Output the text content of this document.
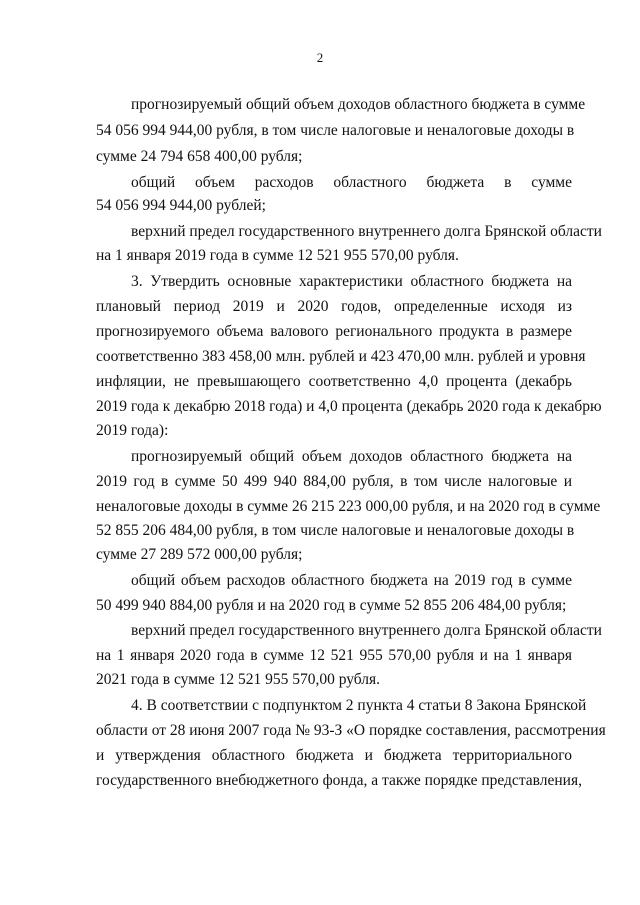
2
прогнозируемый общий объем доходов областного бюджета в сумме
54 056 994 944,00 рубля, в том числе налоговые и неналоговые доходы в
сумме 24 794 658 400,00 рубля;
общий объем расходов областного бюджета в сумме
54 056 994 944,00 рублей;
верхний предел государственного внутреннего долга Брянской области
на 1 января 2019 года в сумме 12 521 955 570,00 рубля.
3. Утвердить основные характеристики областного бюджета на
плановый период 2019 и 2020 годов, определенные исходя из
прогнозируемого объема валового регионального продукта в размере
соответственно 383 458,00 млн. рублей и 423 470,00 млн. рублей и уровня
инфляции, не превышающего соответственно 4,0 процента (декабрь
2019 года к декабрю 2018 года) и 4,0 процента (декабрь 2020 года к декабрю
2019 года):
прогнозируемый общий объем доходов областного бюджета на
2019 год в сумме 50 499 940 884,00 рубля, в том числе налоговые и
неналоговые доходы в сумме 26 215 223 000,00 рубля, и на 2020 год в сумме
52 855 206 484,00 рубля, в том числе налоговые и неналоговые доходы в
сумме 27 289 572 000,00 рубля;
общий объем расходов областного бюджета на 2019 год в сумме
50 499 940 884,00 рубля и на 2020 год в сумме 52 855 206 484,00 рубля;
верхний предел государственного внутреннего долга Брянской области
на 1 января 2020 года в сумме 12 521 955 570,00 рубля и на 1 января
2021 года в сумме 12 521 955 570,00 рубля.
4. В соответствии с подпунктом 2 пункта 4 статьи 8 Закона Брянской
области от 28 июня 2007 года № 93-З «О порядке составления, рассмотрения
и утверждения областного бюджета и бюджета территориального
государственного внебюджетного фонда, а также порядке представления,
